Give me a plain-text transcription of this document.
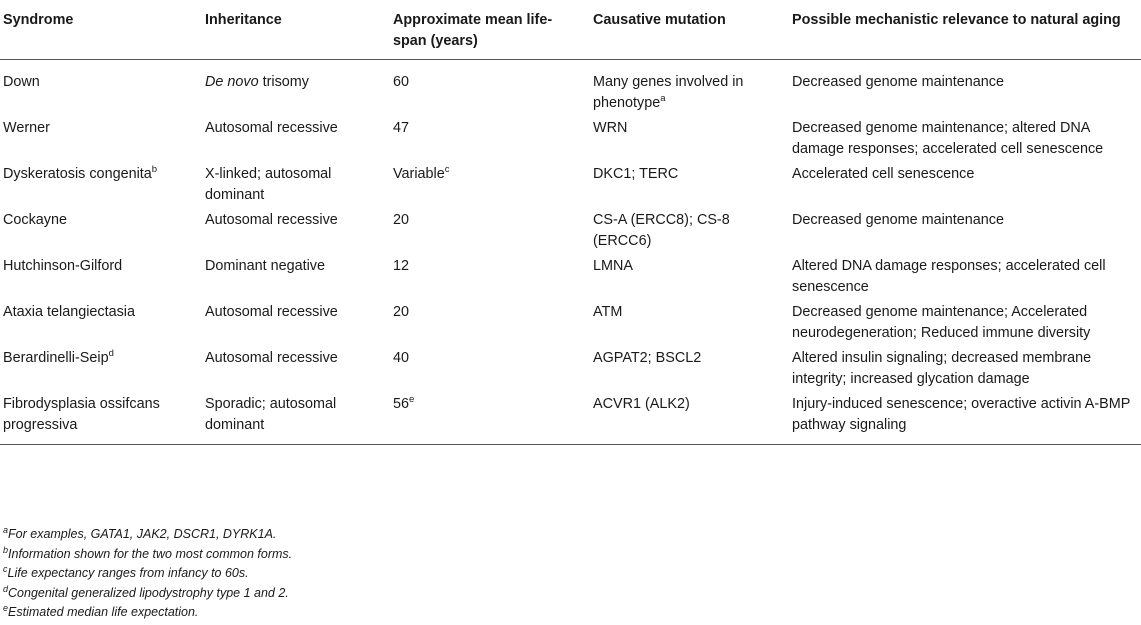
Syndrome	Inheritance	Approximate mean life-span (years)	Causative mutation	Possible mechanistic relevance to natural aging
Down	De novo trisomy	60	Many genes involved in phenotype$^a$	Decreased genome maintenance
Werner	Autosomal recessive	47	WRN	Decreased genome maintenance; altered DNA damage responses; accelerated cell senescence
Dyskeratosis congenita$^b$	X-linked; autosomal dominant	Variable$^c$	DKC1; TERC	Accelerated cell senescence
Cockayne	Autosomal recessive	20	CS-A (ERCC8); CS-8 (ERCC6)	Decreased genome maintenance
Hutchinson-Gilford	Dominant negative	12	LMNA	Altered DNA damage responses; accelerated cell senescence
Ataxia telangiectasia	Autosomal recessive	20	ATM	Decreased genome maintenance; Accelerated neurodegeneration; Reduced immune diversity
Berardinelli-Seip$^d$	Autosomal recessive	40	AGPAT2; BSCL2	Altered insulin signaling; decreased membrane integrity; increased glycation damage
Fibrodysplasia ossifcans progressiva	Sporadic; autosomal dominant	56e	ACVR1 (ALK2)	Injury-induced senescence; overactive activin A-BMP pathway signaling
$^a$For examples, GATA1, JAK2, DSCR1, DYRK1A.
$^b$Information shown for the two most common forms.
$^c$Life expectancy ranges from infancy to 60s.
$^d$Congenital generalized lipodystrophy type 1 and 2.
$^e$Estimated median life expectation.
